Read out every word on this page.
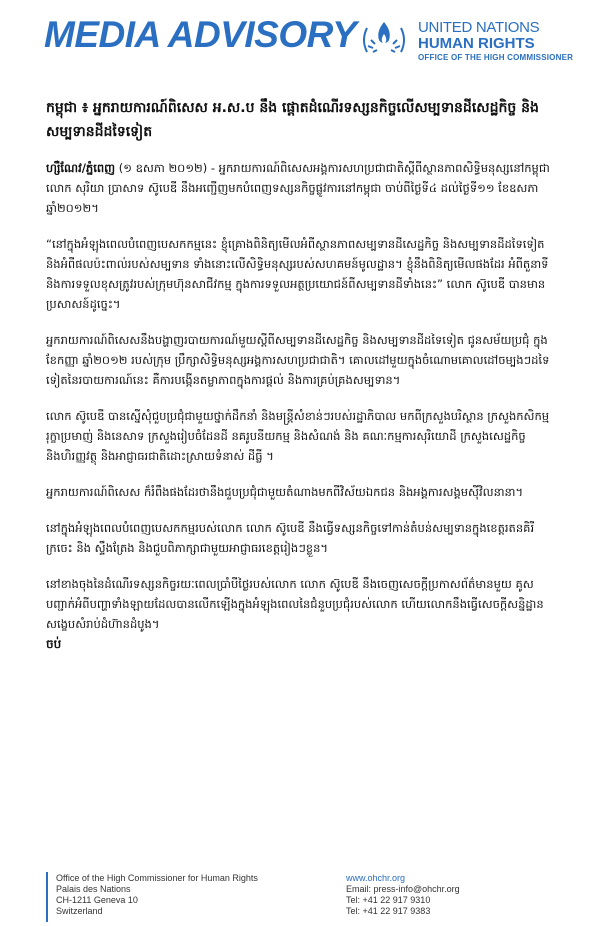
MEDIA ADVISORY	UNITED NATIONS
HUMAN RIGHTS
OFFICE OF THE HIGH COMMISSIONER
កម្ពុជា ៖ អ្នករាយការណ៍ពិសេស អ.ស.ប នឹង ផ្តោតដំណើរទស្សនកិច្ចលើសម្បទានដីសេដ្ឋកិច្ច និងសម្បទានដីដទៃទៀត
ហ្សឺណែវ/ភ្នំពេញ (១ ឧសភា ២០១២) - អ្នករាយការណ៍ពិសេសអង្គការសហប្រជាជាតិស្តីពីស្ថានភាពសិទ្ធិមនុស្សនៅកម្ពុជា លោក សុរិយា ប្រាសាទ ស៊ូបេឌី នឹងអញ្ជើញមកបំពេញទស្សនកិច្ចផ្លូវការនៅកម្ពុជា ចាប់ពីថ្ងៃទី៤ ដល់ថ្ងៃទី១១ ខែឧសភា ឆ្នាំ២០១២។
“នៅក្នុងអំឡុងពេលបំពេញបេសកកម្មនេះ ខ្ញុំគ្រោងពិនិត្យមើលអំពីស្ថានភាពសម្បទានដីសេដ្ឋកិច្ច និងសម្បទានដីដទៃទៀត និងអំពីផលប៉ះពាល់របស់សម្បទាន ទាំងនោះលើសិទ្ធិមនុស្សរបស់សហគមន៍មូលដ្ឋាន។ ខ្ញុំនឹងពិនិត្យមើលផងដែរ អំពីតួនាទីនិងការទទួលខុសត្រូវរបស់ក្រុមហ៊ុនសាជីវកម្ម ក្នុងការទទួលអត្ថប្រយោជន៍ពីសម្បទានដីទាំងនេះ” លោក ស៊ូបេឌី បានមានប្រសាសន៍ដូច្នេះ។
អ្នករាយការណ៍ពិសេសនឹងបង្ហាញរបាយការណ៍មួយស្តីពីសម្បទានដីសេដ្ឋកិច្ច និងសម្បទានដីដទៃទៀត ជូនសម័យប្រជុំ ក្នុង ខែកញ្ញា ឆ្នាំ២០១២ របស់ក្រុម ប្រឹក្សាសិទ្ធិមនុស្សអង្គការសហប្រជាជាតិ។ គោលដៅមួយក្នុងចំណោមគោលដៅចម្បងៗដទៃទៀតនៃរបាយការណ៍នេះ គឺការបង្កើនតម្លាភាពក្នុងការផ្តល់ និងការគ្រប់គ្រងសម្បទាន។
លោក ស៊ូបេឌី បានស្នើសុំជួបប្រជុំជាមួយថ្នាក់ដឹកនាំ និងមន្ត្រីសំខាន់ៗរបស់រដ្ឋាភិបាល មកពីក្រសួងបរិស្ថាន ក្រសួងកសិកម្ម រុក្ខាប្រមាញ់ និងនេសាទ ក្រសួងរៀបចំដែនដី នគរូបនីយកម្ម និងសំណង់ និង គណៈកម្មការសុរិយោដី ក្រសួងសេដ្ឋកិច្ច និងហិរញ្ញវត្ថុ និងអាជ្ញាធរជាតិដោះស្រាយទំនាស់ ដីធ្លី ។
អ្នករាយការណ៍ពិសេស ក៏រំពឹងផងដែរថានឹងជួបប្រជុំជាមួយតំណាងមកពីវិស័យឯកជន និងអង្គការសង្គមស៊ីវិលនានា។
នៅក្នុងអំឡុងពេលបំពេញបេសកកម្មរបស់លោក លោក ស៊ូបេឌី នឹងធ្វើទស្សនកិច្ចទៅកាន់តំបន់សម្បទានក្នុងខេត្តរតនគិរី ក្រចេះ និង ស្ទឹងត្រែង និងជួបពិភាក្សាជាមួយអាជ្ញាធរខេត្តរៀងៗខ្លួន។
នៅខាងចុងនៃដំណើរទស្សនកិច្ចរយៈពេលប្រាំបីថ្ងៃរបស់លោក លោក ស៊ូបេឌី នឹងចេញសេចក្តីប្រកាសព័ត៌មានមួយ គូសបញ្ជាក់អំពីបញ្ហាទាំងឡាយដែលបានលើកឡើងក្នុងអំឡុងពេលនៃជំនួបប្រជុំរបស់លោក ហើយលោកនឹងធ្វើសេចក្តីសន្និដ្ឋានសង្ខេបសំរាប់ដំហ៊ានដំបូង។
ចប់
Office of the High Commissioner for Human Rights
Palais des Nations
CH-1211 Geneva 10
Switzerland
www.ohchr.org
Email: press-info@ohchr.org
Tel: +41 22 917 9310
Tel: +41 22 917 9383
